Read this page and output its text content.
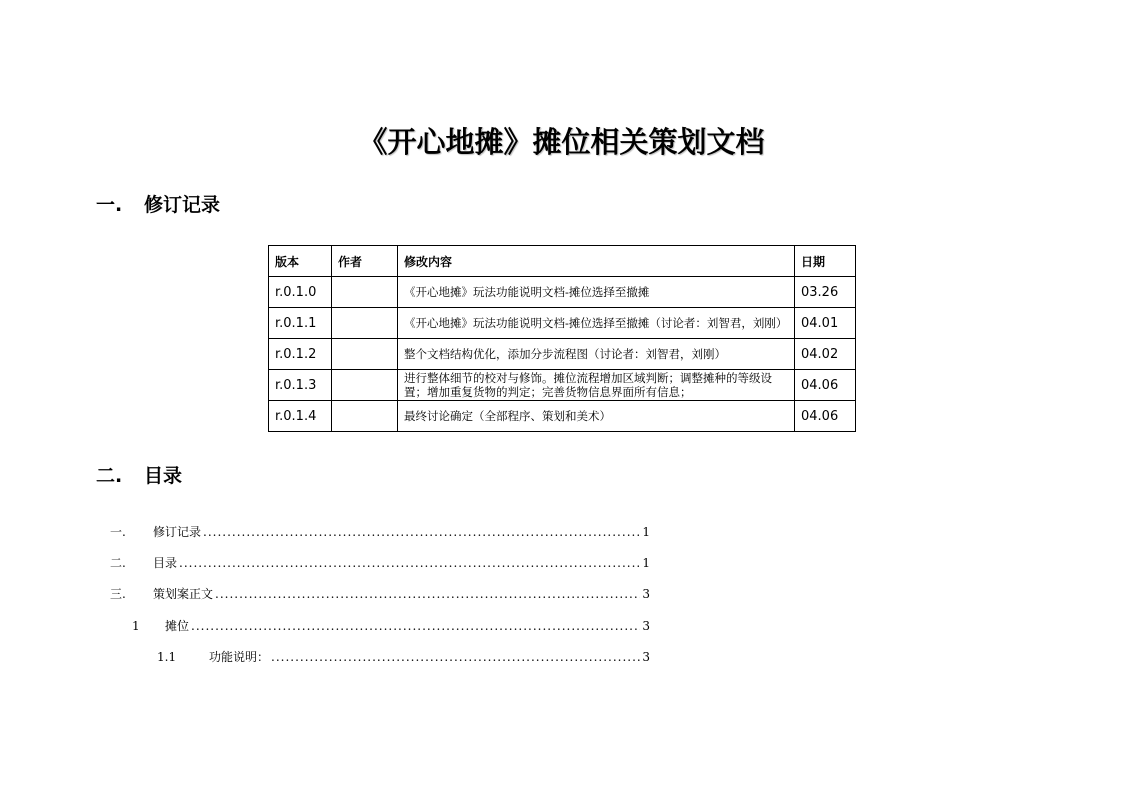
《开心地摊》摊位相关策划文档
一. 修订记录
版本	作者	修改内容	日期
r.0.1.0		《开心地摊》玩法功能说明文档-摊位选择至撤摊	03.26
r.0.1.1		《开心地摊》玩法功能说明文档-摊位选择至撤摊（讨论者：刘智君，刘刚）	04.01
r.0.1.2		整个文档结构优化，添加分步流程图（讨论者：刘智君，刘刚）	04.02
r.0.1.3		进行整体细节的校对与修饰。摊位流程增加区域判断；调整摊种的等级设置；增加重复货物的判定；完善货物信息界面所有信息；	04.06
r.0.1.4		最终讨论确定（全部程序、策划和美术）	04.06
二. 目录
一.	修订记录 .....	1
二.	目录 .....	1
三.	策划案正文 .....	3
1	摊位 .....	3
1.1	功能说明： .....	3
